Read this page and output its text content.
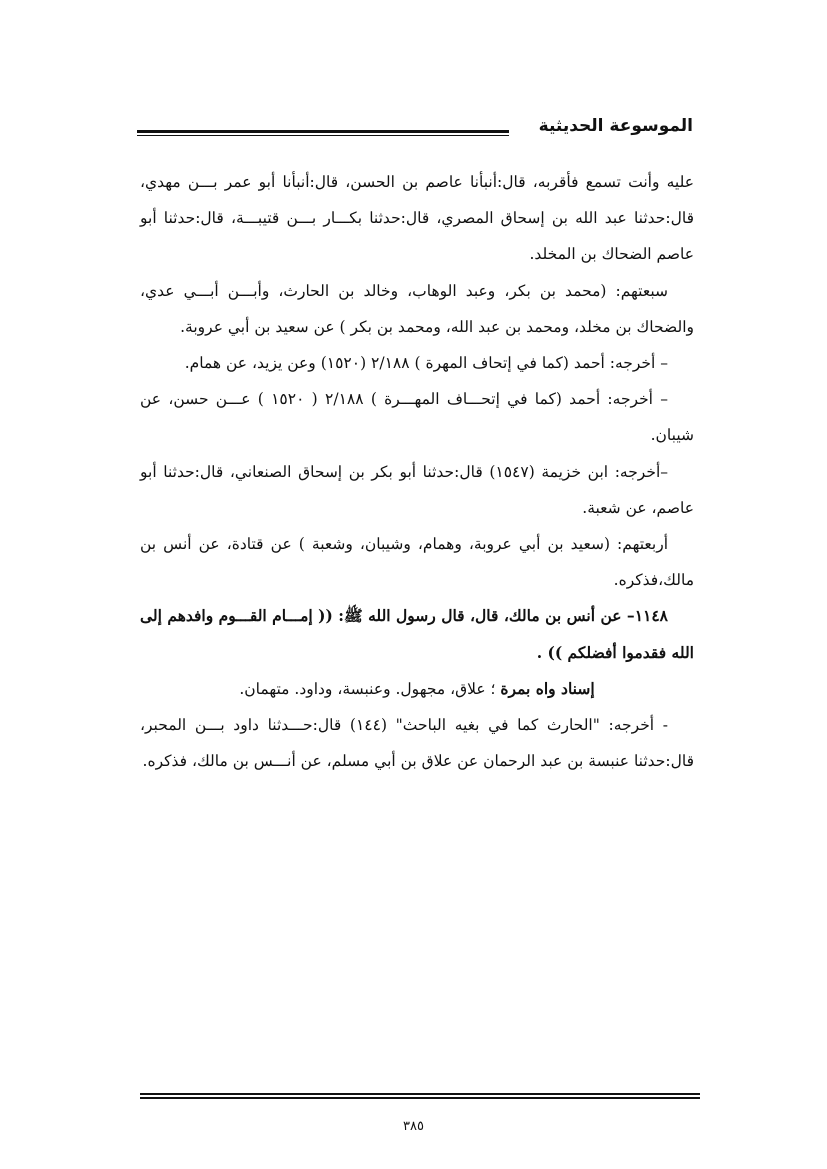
الموسوعة الحديثية

عليه وأنت تسمع فأقربه، قال:أنبأنا عاصم بن الحسن، قال:أنبأنا أبو عمر بـــن مهدي، قال:حدثنا عبد الله بن إسحاق المصري، قال:حدثنا بكـــار بـــن قتيبـــة، قال:حدثنا أبو عاصم الضحاك بن المخلد.

سبعتهم: (محمد بن بكر، وعبد الوهاب، وخالد بن الحارث، وأبـــن أبـــي عدي، والضحاك بن مخلد، ومحمد بن عبد الله، ومحمد بن بكر ) عن سعيد بن أبي عروبة.

– أخرجه: أحمد (كما في إتحاف المهرة ) ٢/١٨٨ (١٥٢٠) وعن يزيد، عن همام.

– أخرجه: أحمد (كما في إتحـــاف المهـــرة ) ٢/١٨٨ ( ١٥٢٠ ) عـــن حسن، عن شيبان.

–أخرجه: ابن خزيمة (١٥٤٧) قال:حدثنا أبو بكر بن إسحاق الصنعاني، قال:حدثنا أبو عاصم، عن شعبة.

أربعتهم: (سعيد بن أبي عروبة، وهمام، وشيبان، وشعبة ) عن قتادة، عن أنس بن مالك،فذكره.

١١٤٨– عن أنس بن مالك، قال، قال رسول الله ﷺ: (( إمـــام القـــوم وافدهم إلى الله فقدموا أفضلكم )) .

إسناد واه بمرة ؛ علاق، مجهول. وعنبسة، وداود. متهمان.

- أخرجه: "الحارث كما في بغيه الباحث" (١٤٤) قال:حـــدثنا داود بـــن المحبر، قال:حدثنا عنبسة بن عبد الرحمان عن علاق بن أبي مسلم، عن أنـــس بن مالك، فذكره.

٣٨٥
